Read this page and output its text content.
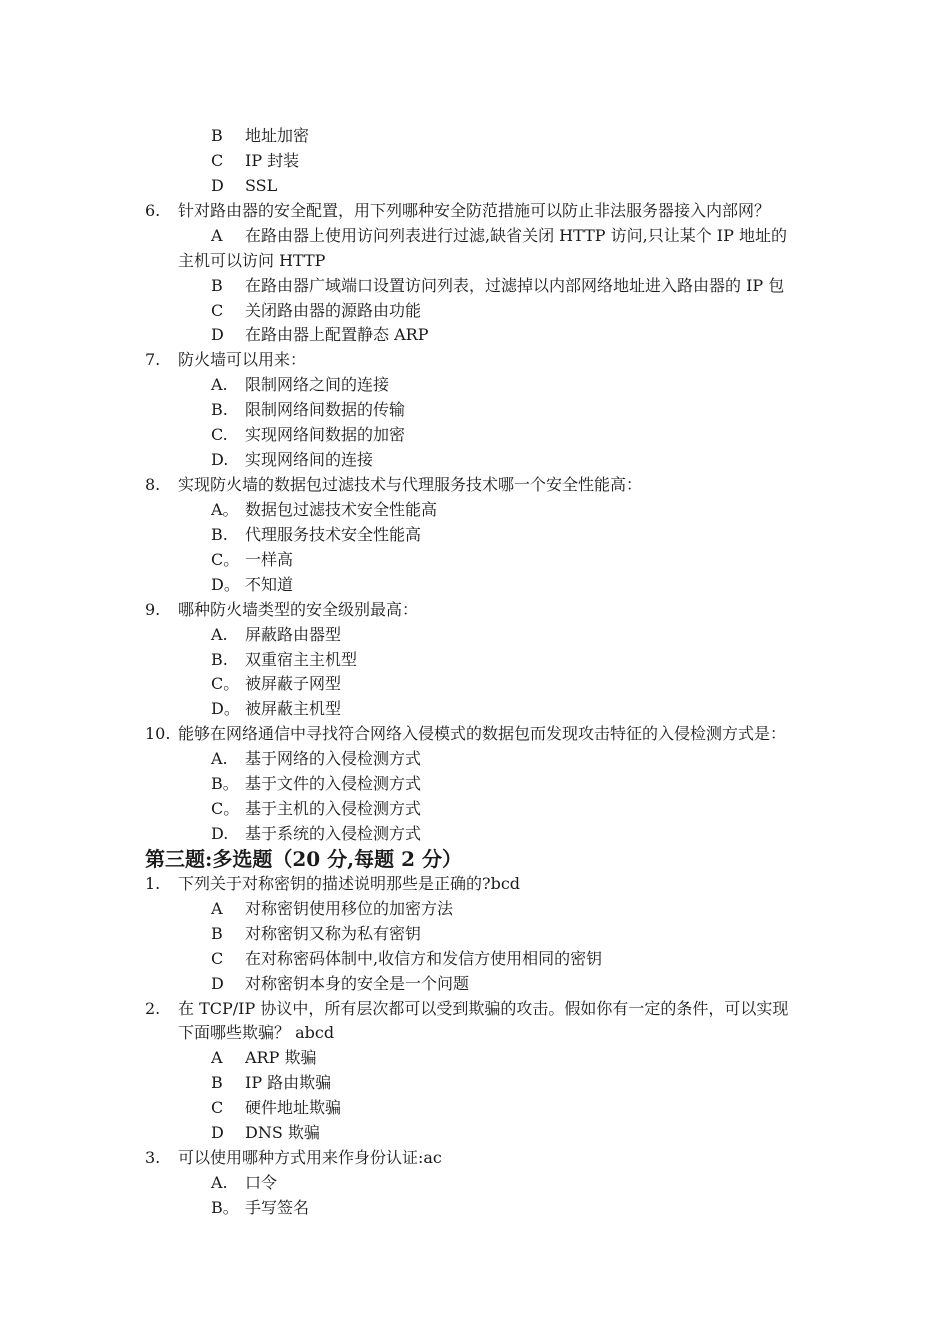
B 地址加密
C IP 封装
D SSL
6. 针对路由器的安全配置，用下列哪种安全防范措施可以防止非法服务器接入内部网？
A 在路由器上使用访问列表进行过滤,缺省关闭 HTTP 访问,只让某个 IP 地址的
主机可以访问 HTTP
B 在路由器广域端口设置访问列表，过滤掉以内部网络地址进入路由器的 IP 包
C 关闭路由器的源路由功能
D 在路由器上配置静态 ARP
7. 防火墙可以用来：
A. 限制网络之间的连接
B. 限制网络间数据的传输
C. 实现网络间数据的加密
D. 实现网络间的连接
8. 实现防火墙的数据包过滤技术与代理服务技术哪一个安全性能高：
A。 数据包过滤技术安全性能高
B. 代理服务技术安全性能高
C。 一样高
D。 不知道
9. 哪种防火墙类型的安全级别最高：
A. 屏蔽路由器型
B. 双重宿主主机型
C。 被屏蔽子网型
D。 被屏蔽主机型
10. 能够在网络通信中寻找符合网络入侵模式的数据包而发现攻击特征的入侵检测方式是：
A. 基于网络的入侵检测方式
B。 基于文件的入侵检测方式
C。 基于主机的入侵检测方式
D. 基于系统的入侵检测方式
第三题:多选题（20 分,每题 2 分）
1. 下列关于对称密钥的描述说明那些是正确的?bcd
A 对称密钥使用移位的加密方法
B 对称密钥又称为私有密钥
C 在对称密码体制中,收信方和发信方使用相同的密钥
D 对称密钥本身的安全是一个问题
2. 在 TCP/IP 协议中，所有层次都可以受到欺骗的攻击。假如你有一定的条件，可以实现
下面哪些欺骗？ abcd
A ARP 欺骗
B IP 路由欺骗
C 硬件地址欺骗
D DNS 欺骗
3. 可以使用哪种方式用来作身份认证:ac
A. 口令
B。 手写签名
